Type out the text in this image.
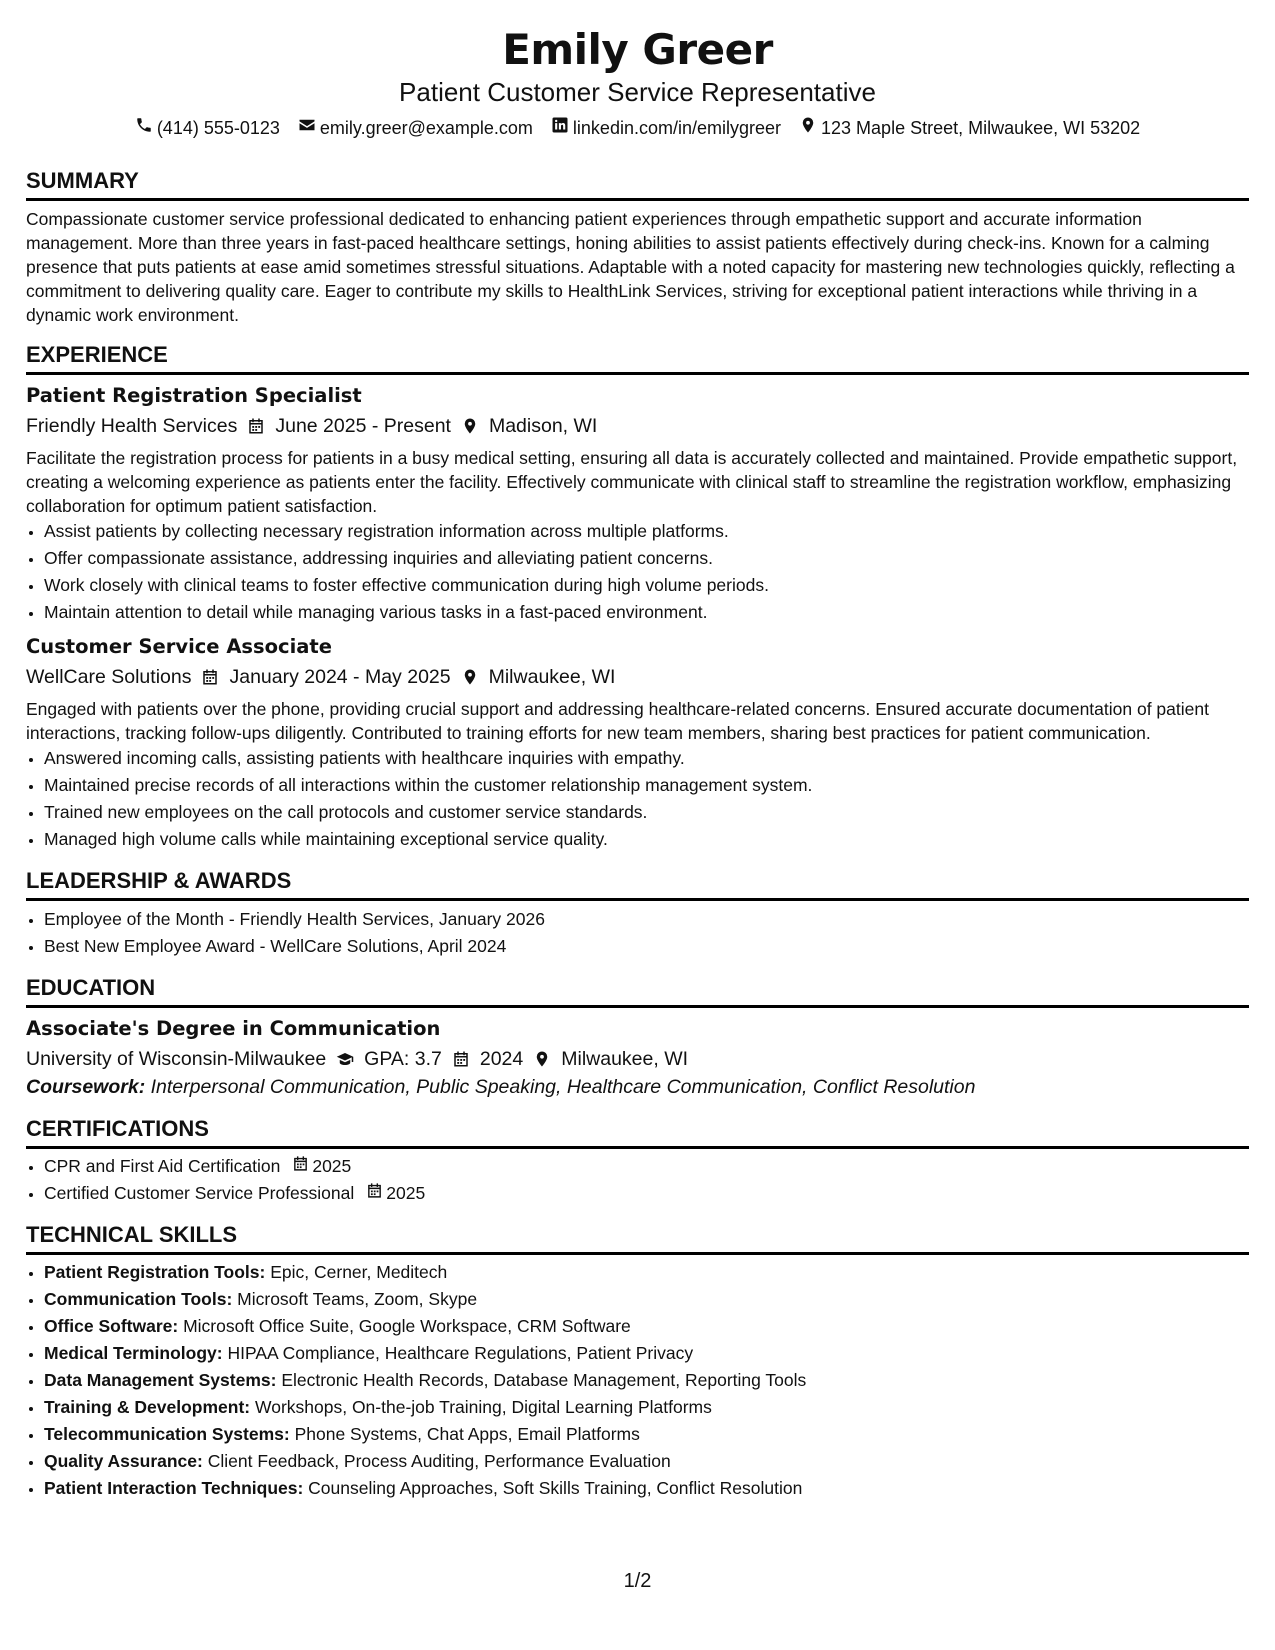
Emily Greer
Patient Customer Service Representative
(414) 555-0123 emily.greer@example.com linkedin.com/in/emilygreer 123 Maple Street, Milwaukee, WI 53202
SUMMARY
Compassionate customer service professional dedicated to enhancing patient experiences through empathetic support and accurate information management. More than three years in fast-paced healthcare settings, honing abilities to assist patients effectively during check-ins. Known for a calming presence that puts patients at ease amid sometimes stressful situations. Adaptable with a noted capacity for mastering new technologies quickly, reflecting a commitment to delivering quality care. Eager to contribute my skills to HealthLink Services, striving for exceptional patient interactions while thriving in a dynamic work environment.
EXPERIENCE
Patient Registration Specialist
Friendly Health Services June 2025 - Present Madison, WI
Facilitate the registration process for patients in a busy medical setting, ensuring all data is accurately collected and maintained. Provide empathetic support, creating a welcoming experience as patients enter the facility. Effectively communicate with clinical staff to streamline the registration workflow, emphasizing collaboration for optimum patient satisfaction.
• Assist patients by collecting necessary registration information across multiple platforms.
• Offer compassionate assistance, addressing inquiries and alleviating patient concerns.
• Work closely with clinical teams to foster effective communication during high volume periods.
• Maintain attention to detail while managing various tasks in a fast-paced environment.
Customer Service Associate
WellCare Solutions January 2024 - May 2025 Milwaukee, WI
Engaged with patients over the phone, providing crucial support and addressing healthcare-related concerns. Ensured accurate documentation of patient interactions, tracking follow-ups diligently. Contributed to training efforts for new team members, sharing best practices for patient communication.
• Answered incoming calls, assisting patients with healthcare inquiries with empathy.
• Maintained precise records of all interactions within the customer relationship management system.
• Trained new employees on the call protocols and customer service standards.
• Managed high volume calls while maintaining exceptional service quality.
LEADERSHIP & AWARDS
• Employee of the Month - Friendly Health Services, January 2026
• Best New Employee Award - WellCare Solutions, April 2024
EDUCATION
Associate's Degree in Communication
University of Wisconsin-Milwaukee GPA: 3.7 2024 Milwaukee, WI
Coursework: Interpersonal Communication, Public Speaking, Healthcare Communication, Conflict Resolution
CERTIFICATIONS
• CPR and First Aid Certification 2025
• Certified Customer Service Professional 2025
TECHNICAL SKILLS
• Patient Registration Tools: Epic, Cerner, Meditech
• Communication Tools: Microsoft Teams, Zoom, Skype
• Office Software: Microsoft Office Suite, Google Workspace, CRM Software
• Medical Terminology: HIPAA Compliance, Healthcare Regulations, Patient Privacy
• Data Management Systems: Electronic Health Records, Database Management, Reporting Tools
• Training & Development: Workshops, On-the-job Training, Digital Learning Platforms
• Telecommunication Systems: Phone Systems, Chat Apps, Email Platforms
• Quality Assurance: Client Feedback, Process Auditing, Performance Evaluation
• Patient Interaction Techniques: Counseling Approaches, Soft Skills Training, Conflict Resolution
1/2
